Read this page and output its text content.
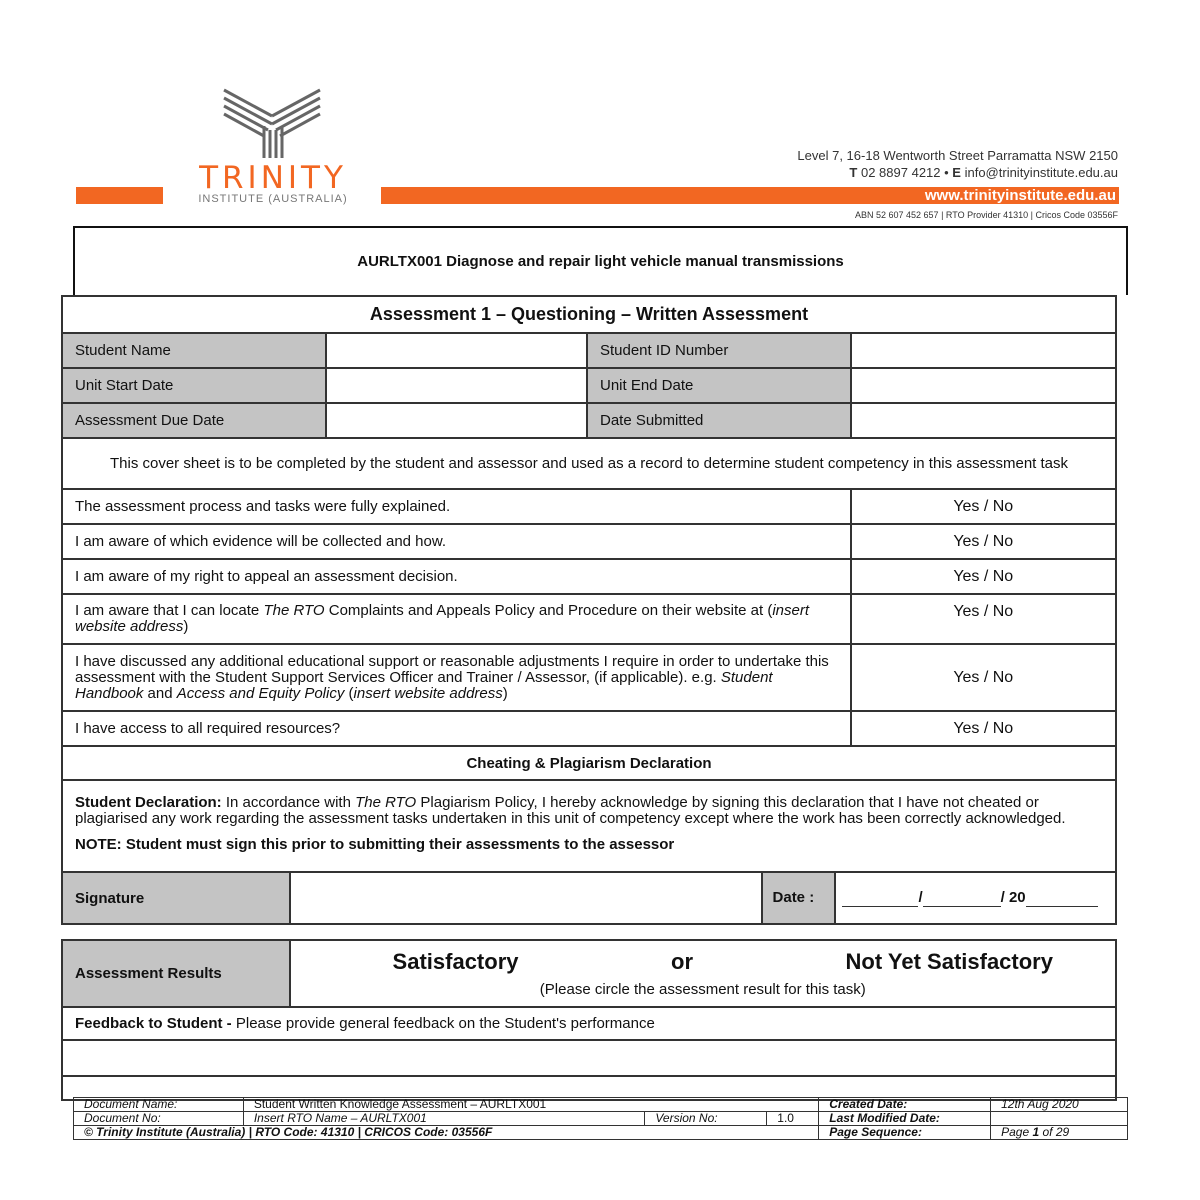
TRINITY
INSTITUTE (AUSTRALIA)
Level 7, 16-18 Wentworth Street Parramatta NSW 2150
T 02 8897 4212 • E info@trinityinstitute.edu.au
www.trinityinstitute.edu.au
ABN 52 607 452 657 | RTO Provider 41310 | Cricos Code 03556F
AURLTX001 Diagnose and repair light vehicle manual transmissions
Assessment 1 – Questioning – Written Assessment			
Student Name		Student ID Number	
Unit Start Date		Unit End Date	
Assessment Due Date		Date Submitted	
This cover sheet is to be completed by the student and assessor and used as a record to determine student competency in this assessment task			
The assessment process and tasks were fully explained.			Yes / No
I am aware of which evidence will be collected and how.			Yes / No
I am aware of my right to appeal an assessment decision.			Yes / No
I am aware that I can locate The RTO Complaints and Appeals Policy and Procedure on their website at (insert website address)			Yes / No
I have discussed any additional educational support or reasonable adjustments I require in order to undertake this assessment with the Student Support Services Officer and Trainer / Assessor, (if applicable). e.g. Student Handbook and Access and Equity Policy (insert website address)			Yes / No
I have access to all required resources?			Yes / No
Cheating & Plagiarism Declaration			
Student Declaration: In accordance with The RTO Plagiarism Policy, I hereby acknowledge by signing this declaration that I have not cheated or plagiarised any work regarding the assessment tasks undertaken in this unit of competency except where the work has been correctly acknowledged.
NOTE: Student must sign this prior to submitting their assessments to the assessor			
Signature		Date :	/	/ 20
Assessment Results	Satisfactory	or	Not Yet Satisfactory
(Please circle the assessment result for this task)

Feedback to Student - Please provide general feedback on the Student's performance

Document Name:	Student Written Knowledge Assessment – AURLTX001			Created Date:	12th Aug 2020
Document No:	Insert RTO Name – AURLTX001	Version No:	1.0	Last Modified Date:	
© Trinity Institute (Australia) | RTO Code: 41310 | CRICOS Code: 03556F				Page Sequence:	Page 1 of 29
